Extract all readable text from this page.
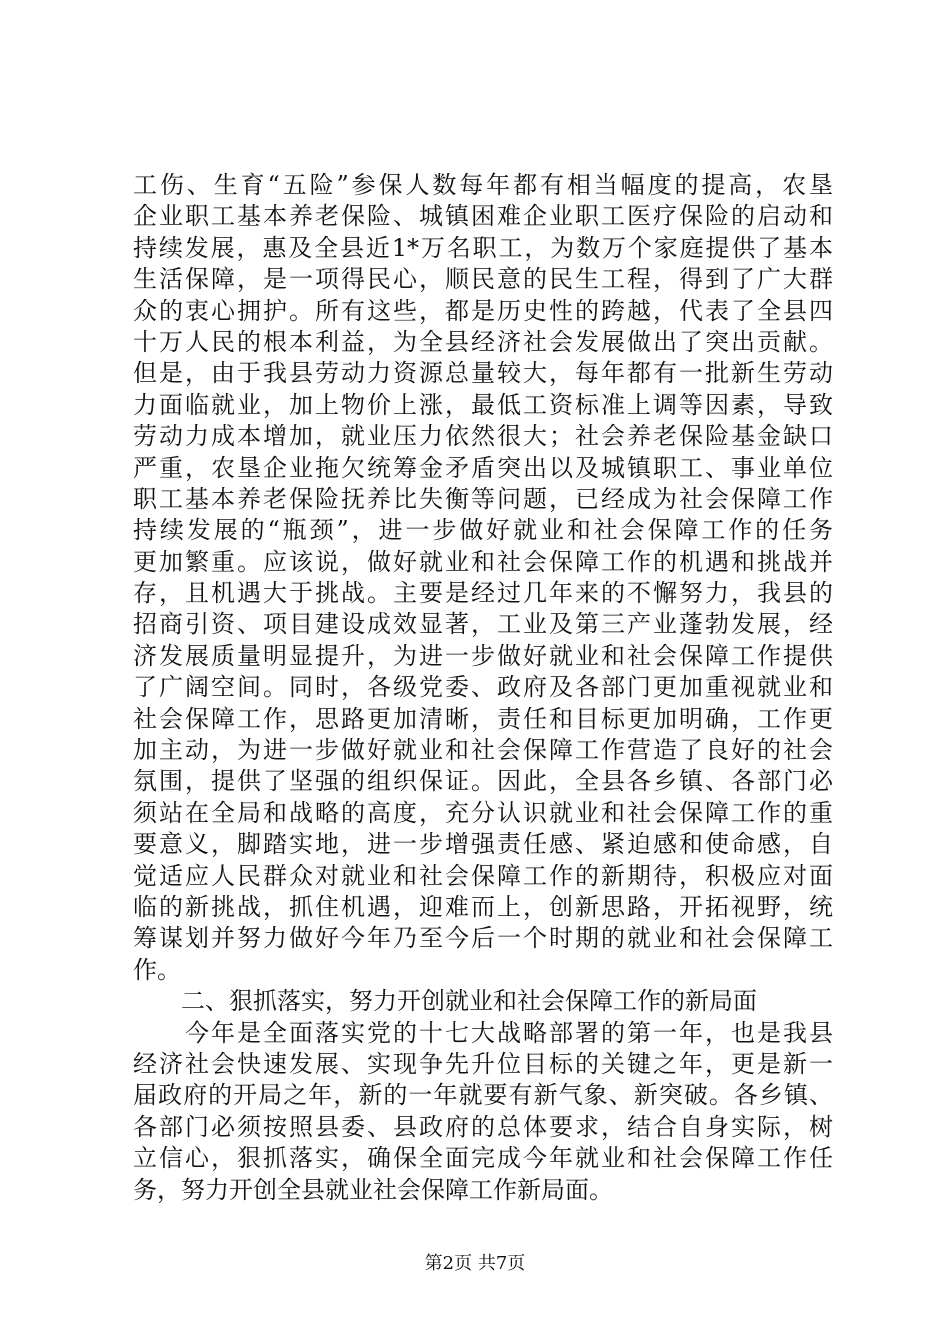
工伤、生育“五险”参保人数每年都有相当幅度的提高，农垦
企业职工基本养老保险、城镇困难企业职工医疗保险的启动和
持续发展，惠及全县近1*万名职工，为数万个家庭提供了基本
生活保障，是一项得民心，顺民意的民生工程，得到了广大群
众的衷心拥护。所有这些，都是历史性的跨越，代表了全县四
十万人民的根本利益，为全县经济社会发展做出了突出贡献。
但是，由于我县劳动力资源总量较大，每年都有一批新生劳动
力面临就业，加上物价上涨，最低工资标准上调等因素，导致
劳动力成本增加，就业压力依然很大；社会养老保险基金缺口
严重，农垦企业拖欠统筹金矛盾突出以及城镇职工、事业单位
职工基本养老保险抚养比失衡等问题，已经成为社会保障工作
持续发展的“瓶颈”，进一步做好就业和社会保障工作的任务
更加繁重。应该说，做好就业和社会保障工作的机遇和挑战并
存，且机遇大于挑战。主要是经过几年来的不懈努力，我县的
招商引资、项目建设成效显著，工业及第三产业蓬勃发展，经
济发展质量明显提升，为进一步做好就业和社会保障工作提供
了广阔空间。同时，各级党委、政府及各部门更加重视就业和
社会保障工作，思路更加清晰，责任和目标更加明确，工作更
加主动，为进一步做好就业和社会保障工作营造了良好的社会
氛围，提供了坚强的组织保证。因此，全县各乡镇、各部门必
须站在全局和战略的高度，充分认识就业和社会保障工作的重
要意义，脚踏实地，进一步增强责任感、紧迫感和使命感，自
觉适应人民群众对就业和社会保障工作的新期待，积极应对面
临的新挑战，抓住机遇，迎难而上，创新思路，开拓视野，统
筹谋划并努力做好今年乃至今后一个时期的就业和社会保障工
作。
　　二、狠抓落实，努力开创就业和社会保障工作的新局面
　　今年是全面落实党的十七大战略部署的第一年，也是我县
经济社会快速发展、实现争先升位目标的关键之年，更是新一
届政府的开局之年，新的一年就要有新气象、新突破。各乡镇、
各部门必须按照县委、县政府的总体要求，结合自身实际，树
立信心，狠抓落实，确保全面完成今年就业和社会保障工作任
务，努力开创全县就业社会保障工作新局面。
第2页 共7页
